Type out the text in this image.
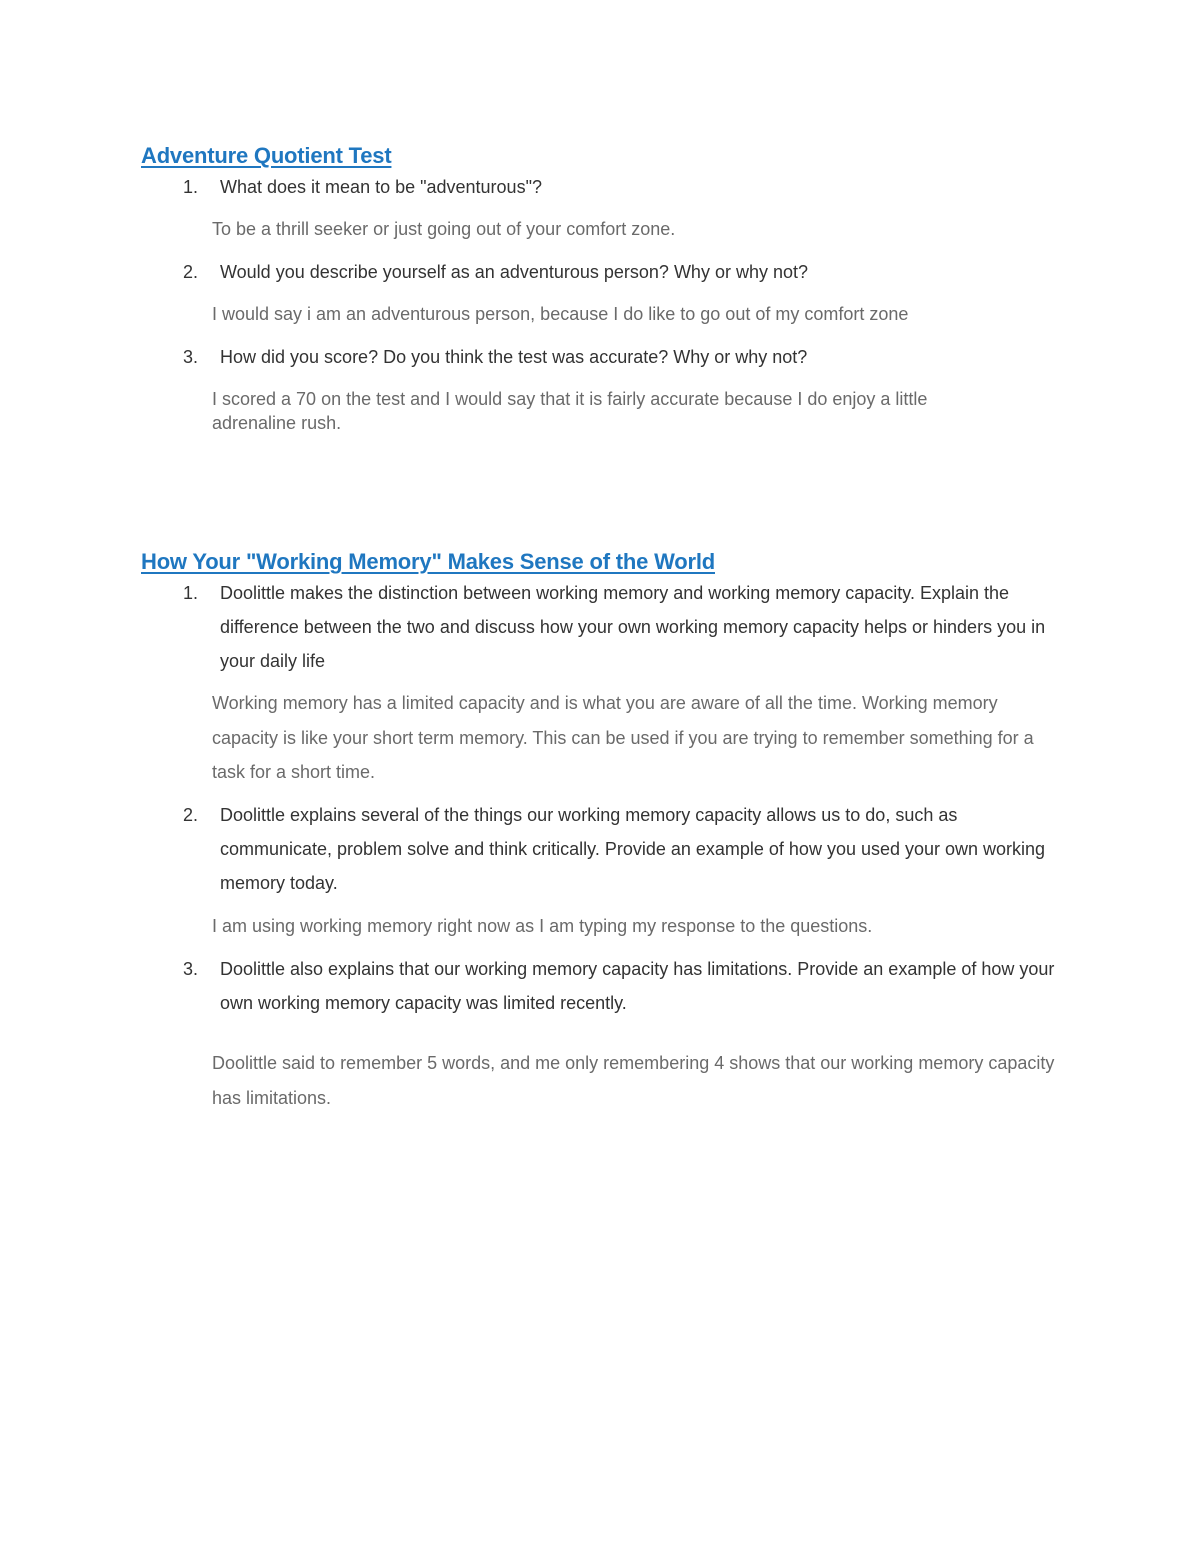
Adventure Quotient Test
1.	What does it mean to be "adventurous"?

To be a thrill seeker or just going out of your comfort zone.

2.	Would you describe yourself as an adventurous person? Why or why not?

I would say i am an adventurous person, because I do like to go out of my comfort zone

3.	How did you score? Do you think the test was accurate? Why or why not?

I scored a 70 on the test and I would say that it is fairly accurate because I do enjoy a little adrenaline rush.

How Your "Working Memory" Makes Sense of the World
1.	Doolittle makes the distinction between working memory and working memory capacity. Explain the difference between the two and discuss how your own working memory capacity helps or hinders you in your daily life

Working memory has a limited capacity and is what you are aware of all the time. Working memory capacity is like your short term memory. This can be used if you are trying to remember something for a task for a short time.

2.	Doolittle explains several of the things our working memory capacity allows us to do, such as communicate, problem solve and think critically. Provide an example of how you used your own working memory today.

I am using working memory right now as I am typing my response to the questions.

3.	Doolittle also explains that our working memory capacity has limitations. Provide an example of how your own working memory capacity was limited recently.

Doolittle said to remember 5 words, and me only remembering 4 shows that our working memory capacity has limitations.
